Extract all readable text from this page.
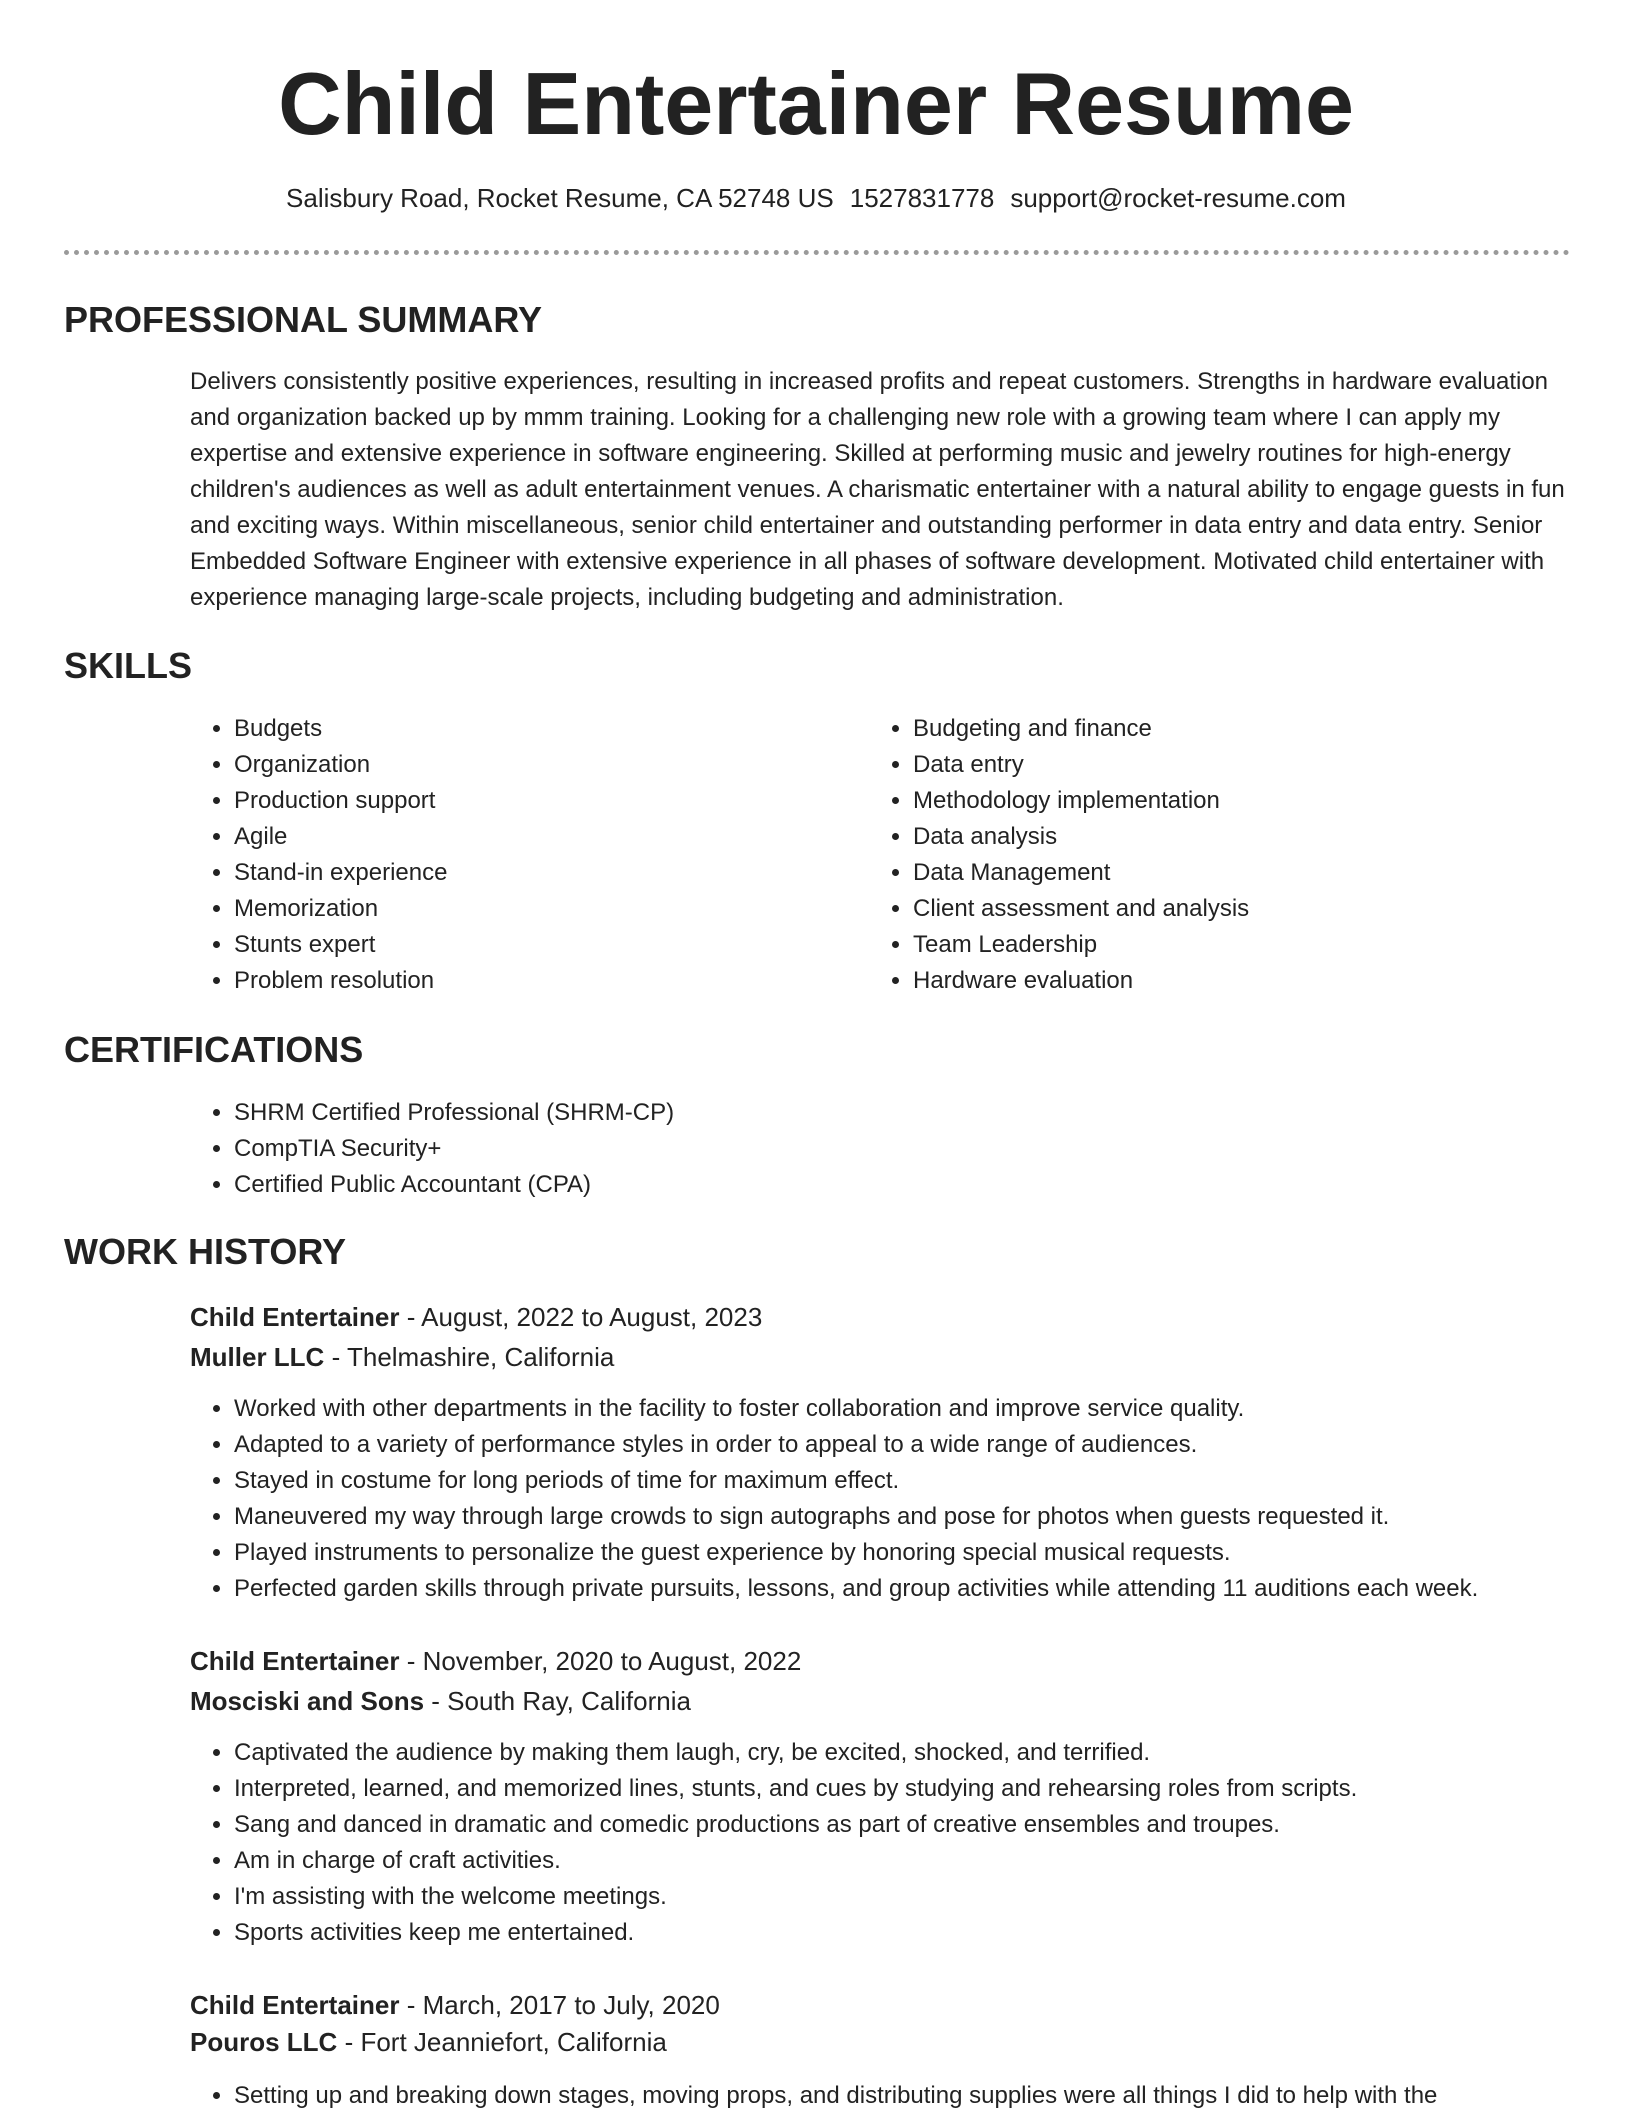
Child Entertainer Resume
Salisbury Road, Rocket Resume, CA 52748 US 1527831778 support@rocket-resume.com
PROFESSIONAL SUMMARY

Delivers consistently positive experiences, resulting in increased profits and repeat customers. Strengths in hardware evaluation and organization backed up by mmm training. Looking for a challenging new role with a growing team where I can apply my expertise and extensive experience in software engineering. Skilled at performing music and jewelry routines for high-energy children's audiences as well as adult entertainment venues. A charismatic entertainer with a natural ability to engage guests in fun and exciting ways. Within miscellaneous, senior child entertainer and outstanding performer in data entry and data entry. Senior Embedded Software Engineer with extensive experience in all phases of software development. Motivated child entertainer with experience managing large-scale projects, including budgeting and administration.

SKILLS
• Budgets
• Organization
• Production support
• Agile
• Stand-in experience
• Memorization
• Stunts expert
• Problem resolution
• Budgeting and finance
• Data entry
• Methodology implementation
• Data analysis
• Data Management
• Client assessment and analysis
• Team Leadership
• Hardware evaluation
CERTIFICATIONS
• SHRM Certified Professional (SHRM-CP)
• CompTIA Security+
• Certified Public Accountant (CPA)
WORK HISTORY
Child Entertainer - August, 2022 to August, 2023
Muller LLC - Thelmashire, California
• Worked with other departments in the facility to foster collaboration and improve service quality.
• Adapted to a variety of performance styles in order to appeal to a wide range of audiences.
• Stayed in costume for long periods of time for maximum effect.
• Maneuvered my way through large crowds to sign autographs and pose for photos when guests requested it.
• Played instruments to personalize the guest experience by honoring special musical requests.
• Perfected garden skills through private pursuits, lessons, and group activities while attending 11 auditions each week.
Child Entertainer - November, 2020 to August, 2022
Mosciski and Sons - South Ray, California
• Captivated the audience by making them laugh, cry, be excited, shocked, and terrified.
• Interpreted, learned, and memorized lines, stunts, and cues by studying and rehearsing roles from scripts.
• Sang and danced in dramatic and comedic productions as part of creative ensembles and troupes.
• Am in charge of craft activities.
• I'm assisting with the welcome meetings.
• Sports activities keep me entertained.
Child Entertainer - March, 2017 to July, 2020
Pouros LLC - Fort Jeanniefort, California
• Setting up and breaking down stages, moving props, and distributing supplies were all things I did to help with the
